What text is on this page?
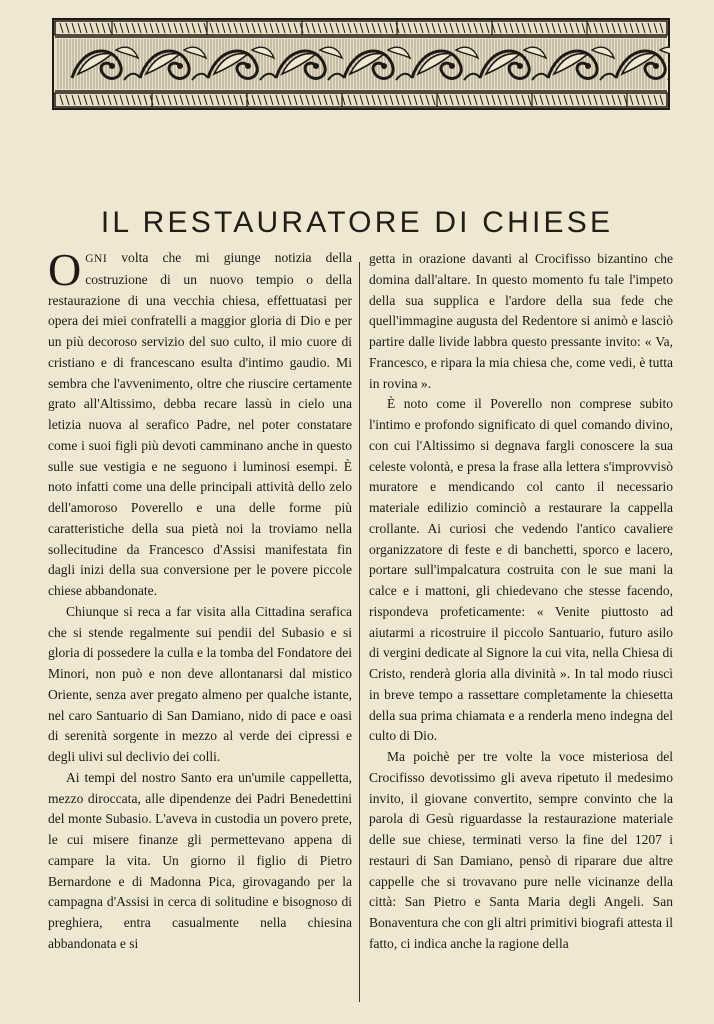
IL RESTAURATORE DI CHIESE

OGNI volta che mi giunge notizia della costruzione di un nuovo tempio o della restaurazione di una vecchia chiesa, effettuatasi per opera dei miei confratelli a maggior gloria di Dio e per un più decoroso servizio del suo culto, il mio cuore di cristiano e di francescano esulta d'intimo gaudio. Mi sembra che l'avvenimento, oltre che riuscire certamente grato all'Altissimo, debba recare lassù in cielo una letizia nuova al serafico Padre, nel poter constatare come i suoi figli più devoti camminano anche in questo sulle sue vestigia e ne seguono i luminosi esempi. È noto infatti come una delle principali attività dello zelo dell'amoroso Poverello e una delle forme più caratteristiche della sua pietà noi la troviamo nella sollecitudine da Francesco d'Assisi manifestata fin dagli inizi della sua conversione per le povere piccole chiese abbandonate.

Chiunque si reca a far visita alla Cittadina serafica che si stende regalmente sui pendii del Subasio e si gloria di possedere la culla e la tomba del Fondatore dei Minori, non può e non deve allontanarsi dal mistico Oriente, senza aver pregato almeno per qualche istante, nel caro Santuario di San Damiano, nido di pace e oasi di serenità sorgente in mezzo al verde dei cipressi e degli ulivi sul declivio dei colli.

Ai tempi del nostro Santo era un'umile cappelletta, mezzo diroccata, alle dipendenze dei Padri Benedettini del monte Subasio. L'aveva in custodia un povero prete, le cui misere finanze gli permettevano appena di campare la vita. Un giorno il figlio di Pietro Bernardone e di Madonna Pica, girovagando per la campagna d'Assisi in cerca di solitudine e bisognoso di preghiera, entra casualmente nella chiesina abbandonata e si

getta in orazione davanti al Crocifisso bizantino che domina dall'altare. In questo momento fu tale l'impeto della sua supplica e l'ardore della sua fede che quell'immagine augusta del Redentore si animò e lasciò partire dalle livide labbra questo pressante invito: « Va, Francesco, e ripara la mia chiesa che, come vedi, è tutta in rovina ».

È noto come il Poverello non comprese subito l'intimo e profondo significato di quel comando divino, con cui l'Altissimo si degnava fargli conoscere la sua celeste volontà, e presa la frase alla lettera s'improvvisò muratore e mendicando col canto il necessario materiale edilizio cominciò a restaurare la cappella crollante. Ai curiosi che vedendo l'antico cavaliere organizzatore di feste e di banchetti, sporco e lacero, portare sull'impalcatura costruita con le sue mani la calce e i mattoni, gli chiedevano che stesse facendo, rispondeva profeticamente: « Venite piuttosto ad aiutarmi a ricostruire il piccolo Santuario, futuro asilo di vergini dedicate al Signore la cui vita, nella Chiesa di Cristo, renderà gloria alla divinità ». In tal modo riuscì in breve tempo a rassettare completamente la chiesetta della sua prima chiamata e a renderla meno indegna del culto di Dio.

Ma poichè per tre volte la voce misteriosa del Crocifisso devotissimo gli aveva ripetuto il medesimo invito, il giovane convertito, sempre convinto che la parola di Gesù riguardasse la restaurazione materiale delle sue chiese, terminati verso la fine del 1207 i restauri di San Damiano, pensò di riparare due altre cappelle che si trovavano pure nelle vicinanze della città: San Pietro e Santa Maria degli Angeli. San Bonaventura che con gli altri primitivi biografi attesta il fatto, ci indica anche la ragione della
